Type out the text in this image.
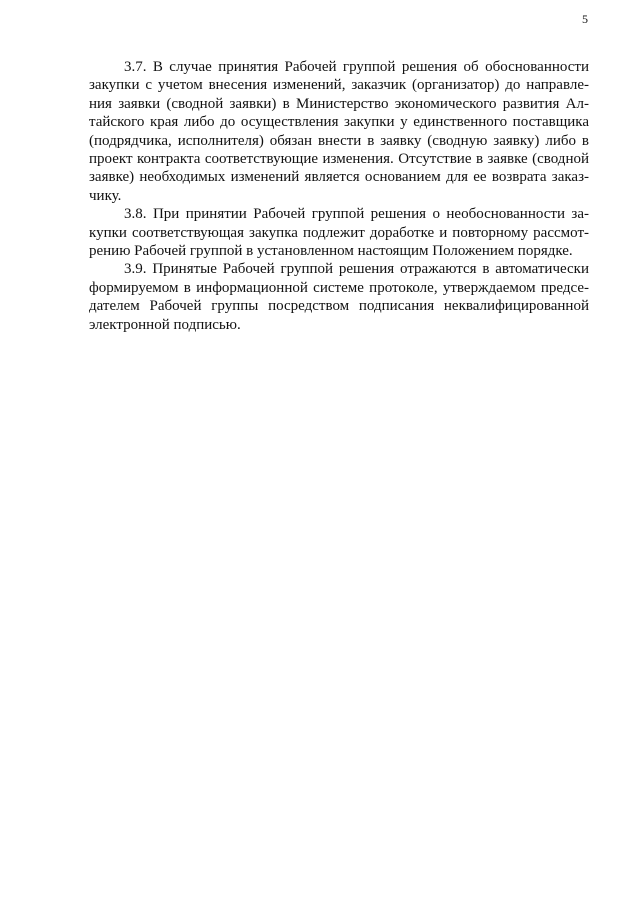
5
3.7. В случае принятия Рабочей группой решения об обоснованности
закупки с учетом внесения изменений, заказчик (организатор) до направле-
ния заявки (сводной заявки) в Министерство экономического развития Ал-
тайского края либо до осуществления закупки у единственного поставщика
(подрядчика, исполнителя) обязан внести в заявку (сводную заявку) либо в
проект контракта соответствующие изменения. Отсутствие в заявке (сводной
заявке) необходимых изменений является основанием для ее возврата заказ-
чику.
3.8. При принятии Рабочей группой решения о необоснованности за-
купки соответствующая закупка подлежит доработке и повторному рассмот-
рению Рабочей группой в установленном настоящим Положением порядке.
3.9. Принятые Рабочей группой решения отражаются в автоматически
формируемом в информационной системе протоколе, утверждаемом предсе-
дателем Рабочей группы посредством подписания неквалифицированной
электронной подписью.
